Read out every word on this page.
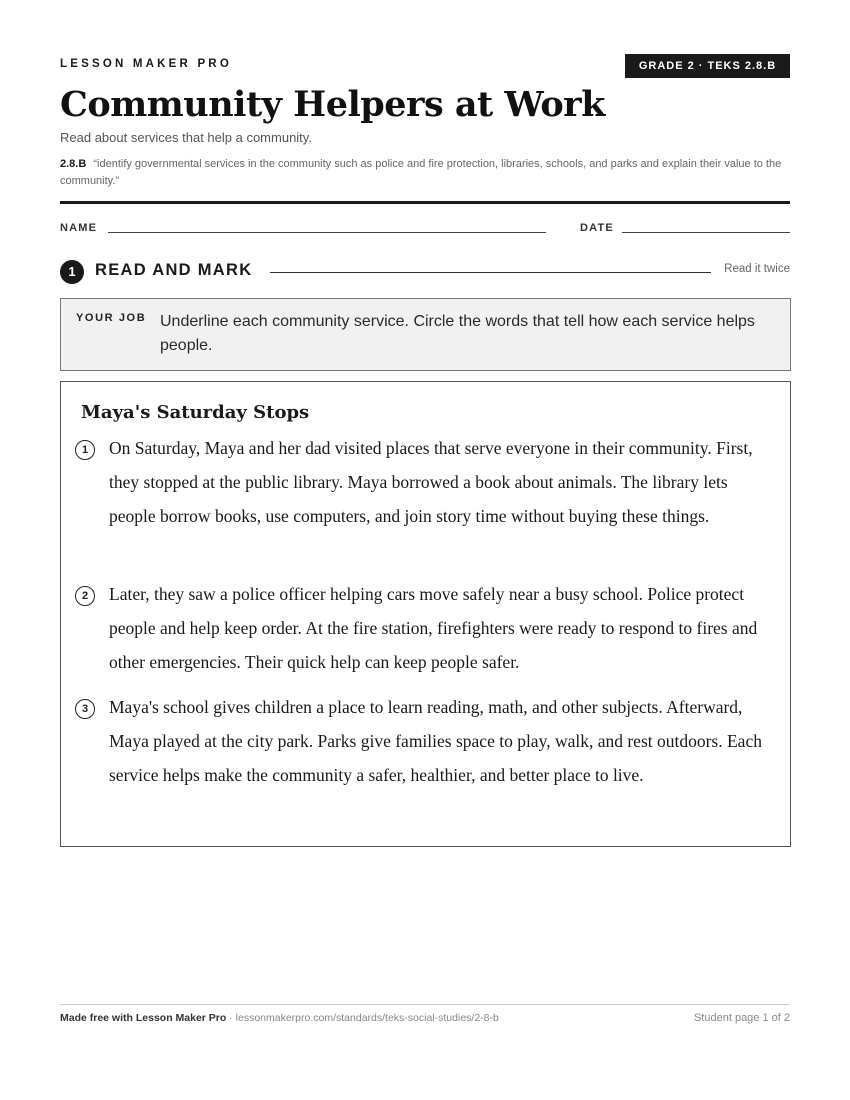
LESSON MAKER PRO	GRADE 2 · TEKS 2.8.B
Community Helpers at Work
Read about services that help a community.
2.8.B “identify governmental services in the community such as police and fire protection, libraries, schools, and parks and explain their value to the community.”
NAME	DATE
1	READ AND MARK	Read it twice
YOUR JOB Underline each community service. Circle the words that tell how each service helps people.
Maya's Saturday Stops
1	On Saturday, Maya and her dad visited places that serve everyone in their community. First, they stopped at the public library. Maya borrowed a book about animals. The library lets people borrow books, use computers, and join story time without buying these things.
2	Later, they saw a police officer helping cars move safely near a busy school. Police protect people and help keep order. At the fire station, firefighters were ready to respond to fires and other emergencies. Their quick help can keep people safer.
3	Maya's school gives children a place to learn reading, math, and other subjects. Afterward, Maya played at the city park. Parks give families space to play, walk, and rest outdoors. Each service helps make the community a safer, healthier, and better place to live.
Made free with Lesson Maker Pro · lessonmakerpro.com/standards/teks-social-studies/2-8-b	Student page 1 of 2
